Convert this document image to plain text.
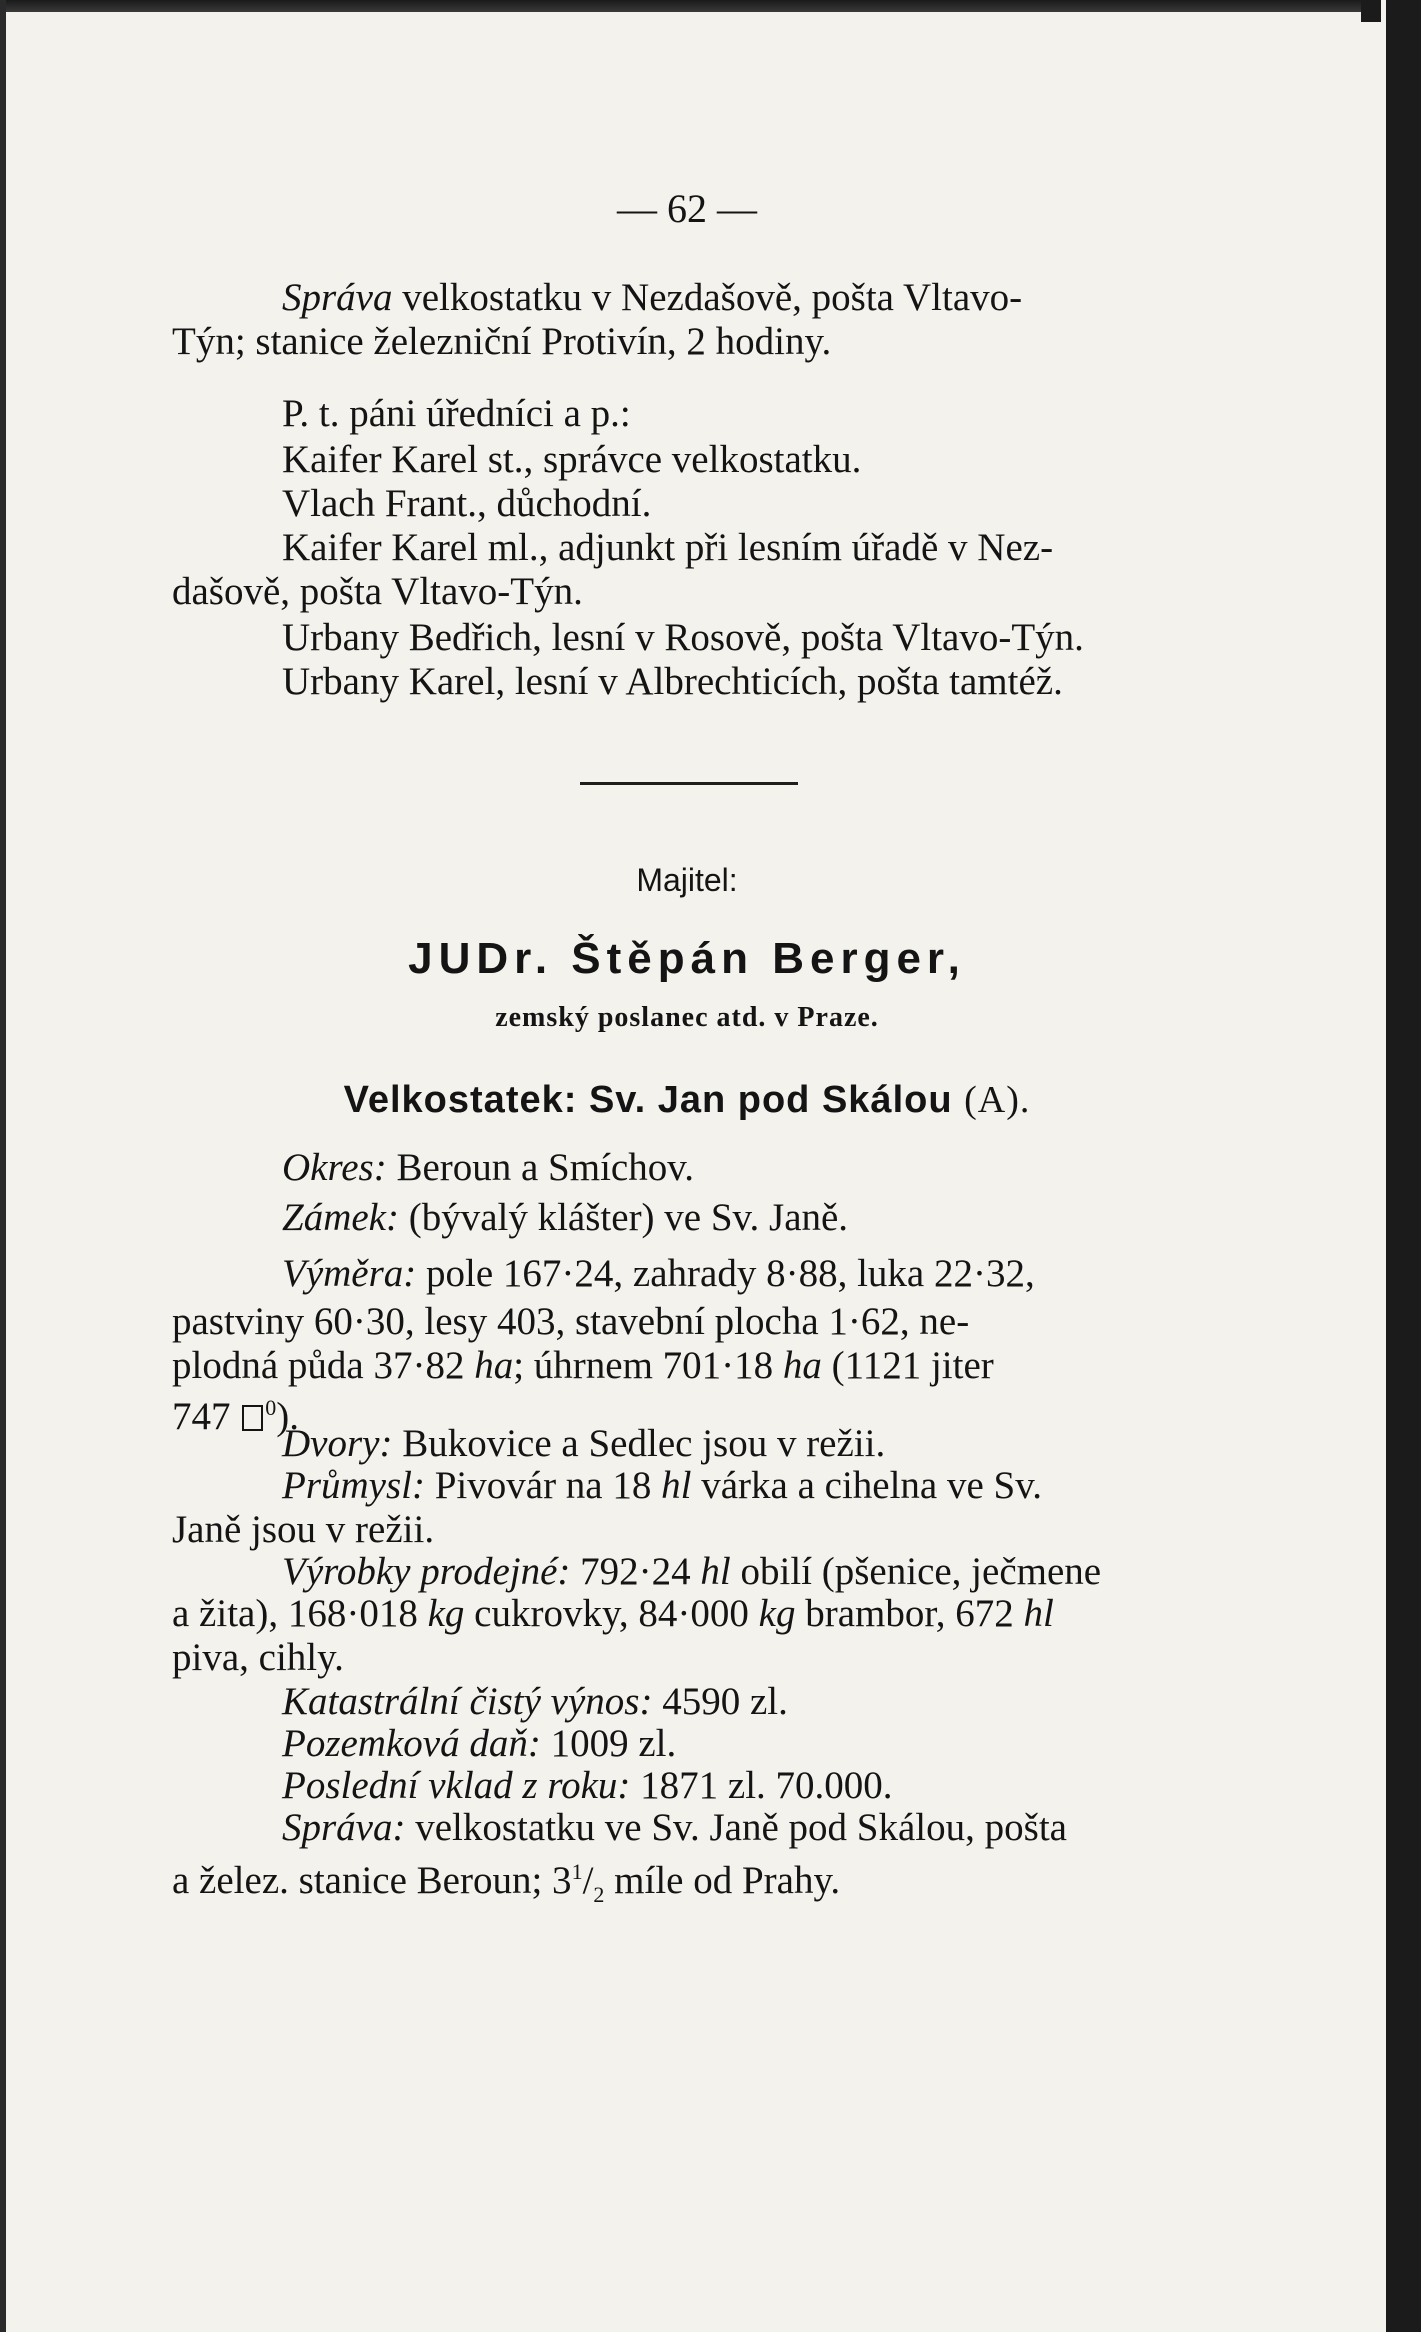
— 62 —
Správa velkostatku v Nezdašově, pošta Vltavo-
Týn; stanice železniční Protivín, 2 hodiny.
P. t. páni úředníci a p.:
Kaifer Karel st., správce velkostatku.
Vlach Frant., důchodní.
Kaifer Karel ml., adjunkt při lesním úřadě v Nez-
dašově, pošta Vltavo-Týn.
Urbany Bedřich, lesní v Rosově, pošta Vltavo-Týn.
Urbany Karel, lesní v Albrechticích, pošta tamtéž.
Majitel:
JUDr. Štěpán Berger,
zemský poslanec atd. v Praze.
Velkostatek: Sv. Jan pod Skálou (A).
Okres: Beroun a Smíchov.
Zámek: (bývalý klášter) ve Sv. Janě.
Výměra: pole 167·24, zahrady 8·88, luka 22·32,
pastviny 60·30, lesy 403, stavební plocha 1·62, ne-
plodná půda 37·82 ha; úhrnem 701·18 ha (1121 jiter
747 $^0$).
Dvory: Bukovice a Sedlec jsou v režii.
Průmysl: Pivovár na 18 hl várka a cihelna ve Sv.
Janě jsou v režii.
Výrobky prodejné: 792·24 hl obilí (pšenice, ječmene
a žita), 168·018 kg cukrovky, 84·000 kg brambor, 672 hl
piva, cihly.
Katastrální čistý výnos: 4590 zl.
Pozemková daň: 1009 zl.
Poslední vklad z roku: 1871 zl. 70.000.
Správa: velkostatku ve Sv. Janě pod Skálou, pošta
a želez. stanice Beroun; $3^1/_2$ míle od Prahy.
